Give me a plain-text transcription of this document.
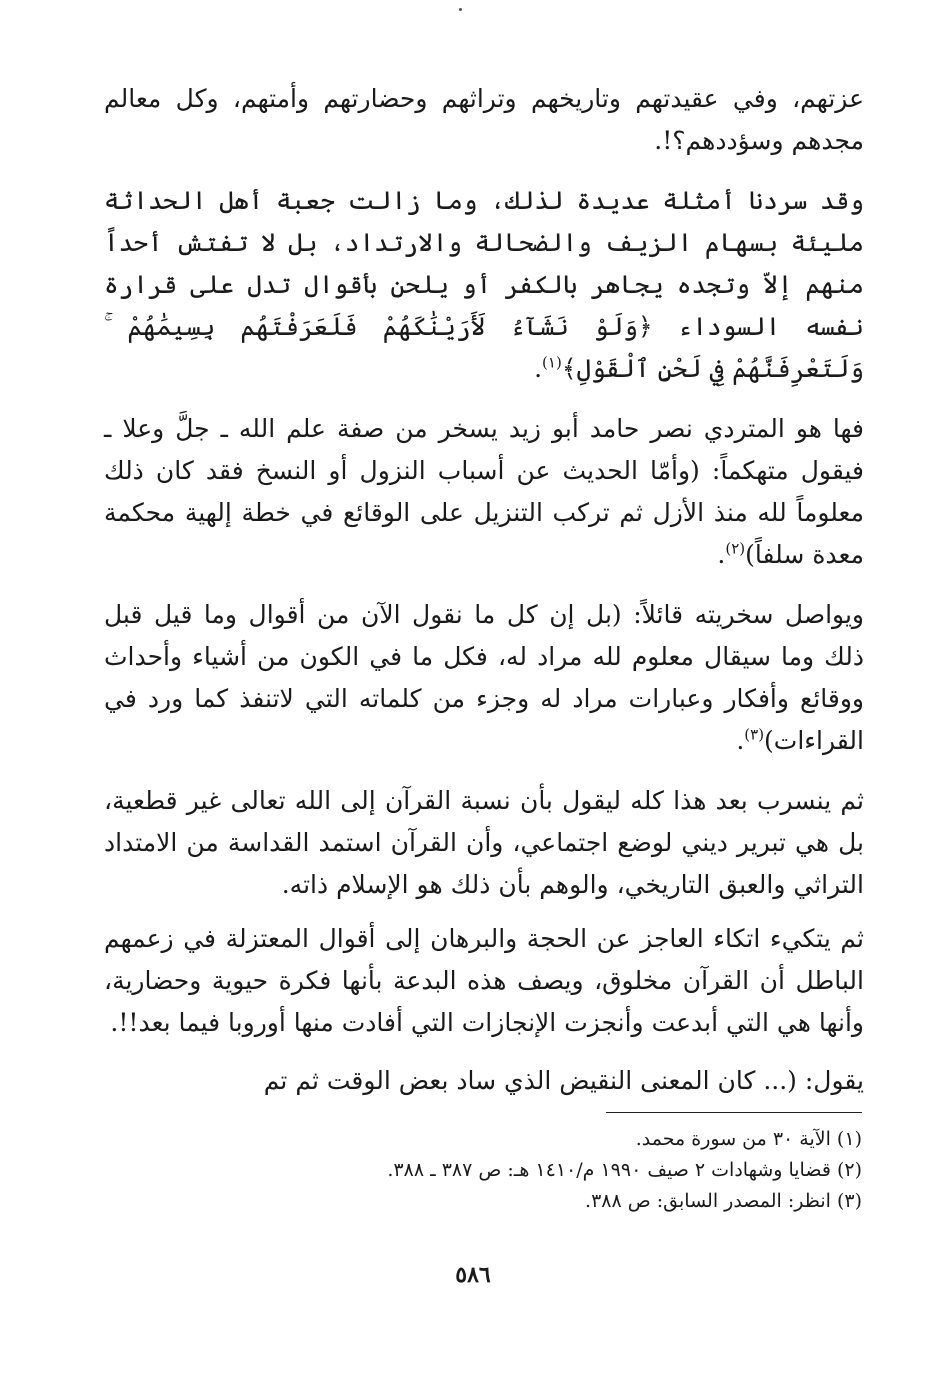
عزتهم، وفي عقيدتهم وتاريخهم وتراثهم وحضارتهم وأمتهم، وكل معالم مجدهم وسؤددهم؟!.

وقد سردنا أمثلة عديدة لذلك، وما زالت جعبة أهل الحداثة مليئة بسهام الزيف والضحالة والارتداد، بل لا تفتش أحداً منهم إلاّ وتجده يجاهر بالكفر أو يلحن بأقوال تدل على قرارة نفسه السوداء ﴿وَلَوْ نَشَآءُ لَأَرَيْنَٰكَهُمْ فَلَعَرَفْتَهُم بِسِيمَٰهُمْ ۚ وَلَتَعْرِفَنَّهُمْ فِي لَحْنِ ٱلْقَوْلِ﴾$^{(١)}$.

فها هو المتردي نصر حامد أبو زيد يسخر من صفة علم الله ـ جلَّ وعلا ـ فيقول متهكماً: (وأمّا الحديث عن أسباب النزول أو النسخ فقد كان ذلك معلوماً لله منذ الأزل ثم تركب التنزيل على الوقائع في خطة إلهية محكمة معدة سلفاً)$^{(٢)}$.

ويواصل سخريته قائلاً: (بل إن كل ما نقول الآن من أقوال وما قيل قبل ذلك وما سيقال معلوم لله مراد له، فكل ما في الكون من أشياء وأحداث ووقائع وأفكار وعبارات مراد له وجزء من كلماته التي لاتنفذ كما ورد في القراءات)$^{(٣)}$.

ثم ينسرب بعد هذا كله ليقول بأن نسبة القرآن إلى الله تعالى غير قطعية، بل هي تبرير ديني لوضع اجتماعي، وأن القرآن استمد القداسة من الامتداد التراثي والعبق التاريخي، والوهم بأن ذلك هو الإسلام ذاته.

ثم يتكيء اتكاء العاجز عن الحجة والبرهان إلى أقوال المعتزلة في زعمهم الباطل أن القرآن مخلوق، ويصف هذه البدعة بأنها فكرة حيوية وحضارية، وأنها هي التي أبدعت وأنجزت الإنجازات التي أفادت منها أوروبا فيما بعد!!.

يقول: (... كان المعنى النقيض الذي ساد بعض الوقت ثم تم

(١) الآية ٣٠ من سورة محمد.

(٢) قضايا وشهادات ٢ صيف ١٩٩٠ م/١٤١٠ هـ: ص ٣٨٧ ـ ٣٨٨.

(٣) انظر: المصدر السابق: ص ٣٨٨.

٥٨٦
